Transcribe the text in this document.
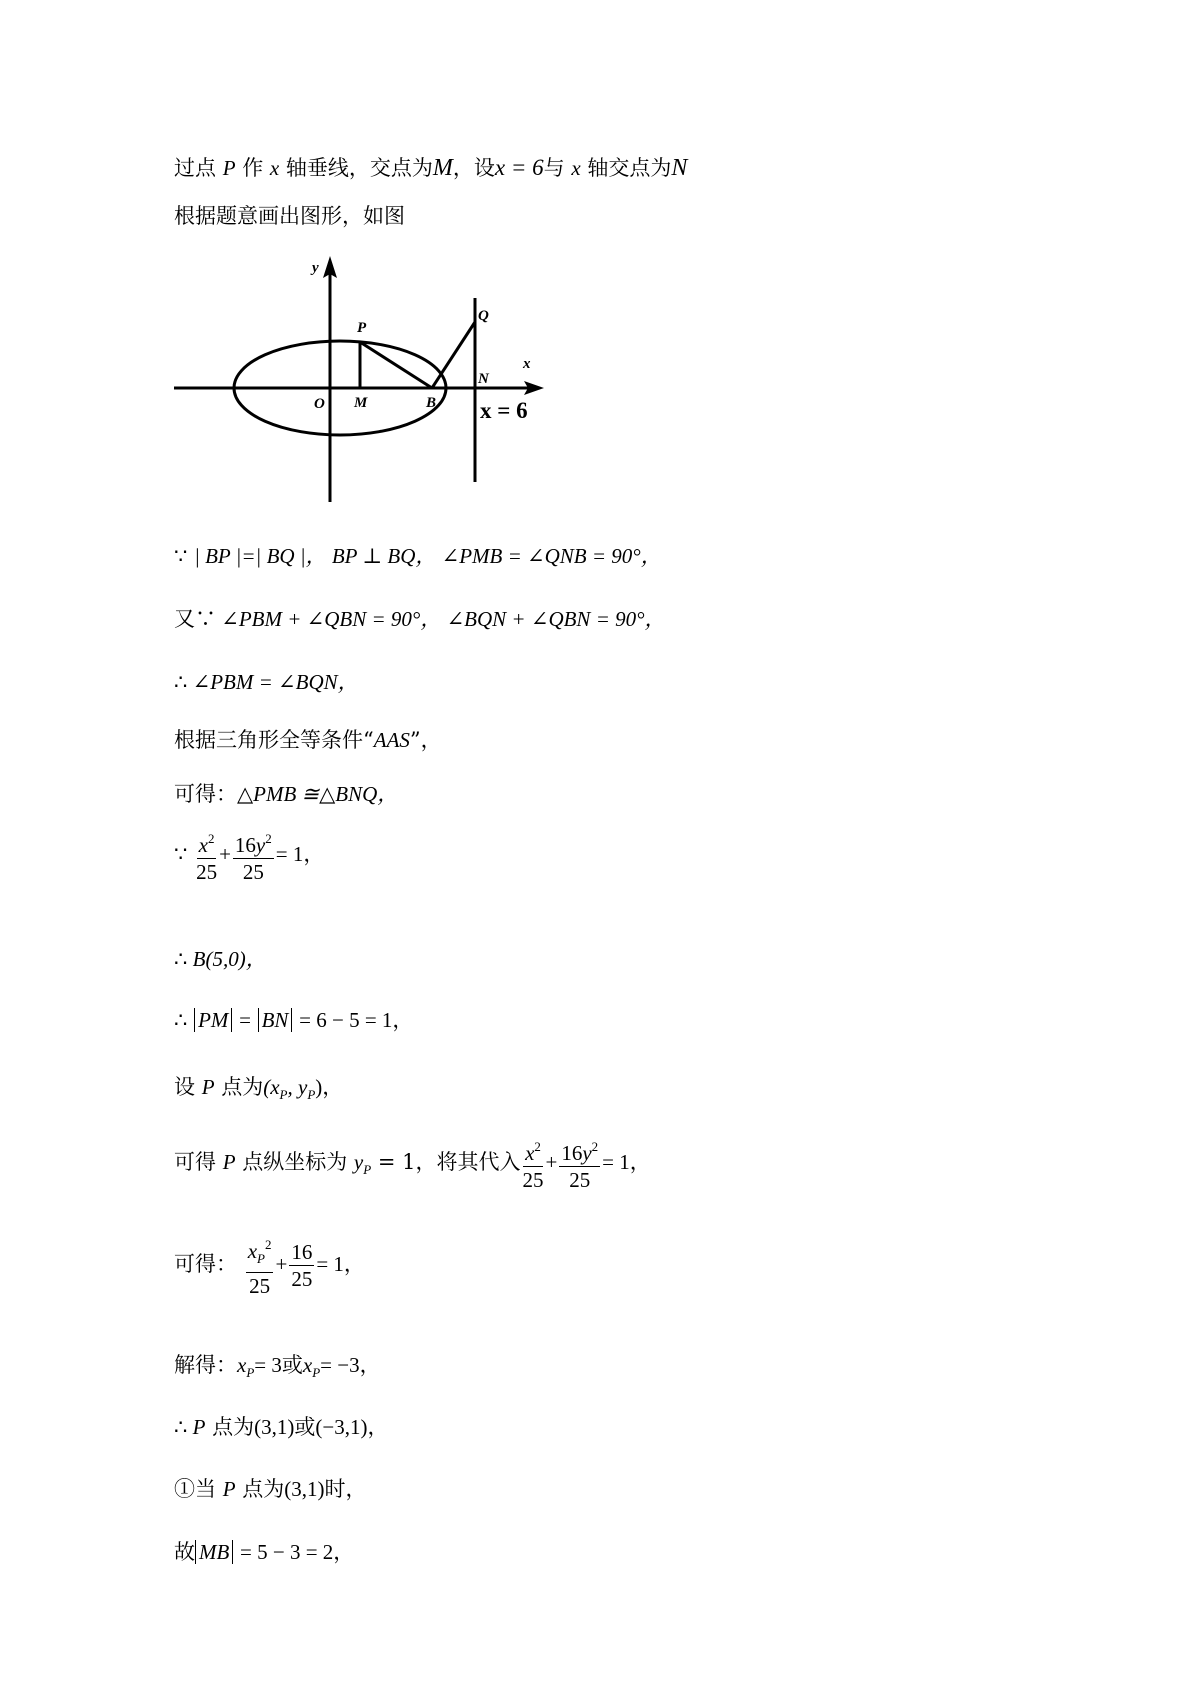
过点 P 作 x 轴垂线，交点为M，设x = 6与 x 轴交点为N
根据题意画出图形，如图
y
x
P
Q
N
O M	B x = 6
∵ | BP |=| BQ |， BP ⊥ BQ， ∠PMB = ∠QNB = 90°，
又∵ ∠PBM + ∠QBN = 90°， ∠BQN + ∠QBN = 90°，
∴ ∠PBM = ∠BQN，
根据三角形全等条件“AAS”，
可得：△PMB ≅△BNQ，
∵ $\frac{x^2}{25} + \frac{16y^2}{25} = 1$，
∴ B(5,0)，
∴ PM = BN = 6 − 5 = 1，
设 P 点为($x_P$, $y_P$)，
可得 P 点纵坐标为 $y_P = 1$，将其代入 $\frac{x^2}{25} + \frac{16y^2}{25} = 1$，
可得： $\frac{x_P^2}{25} + \frac{16}{25} = 1$，
解得：$x_P= 3$或$x_P= -3$，
∴ P 点为(3,1)或(−3,1)，
①当 P 点为(3,1)时，
故 MB = 5 − 3 = 2，
